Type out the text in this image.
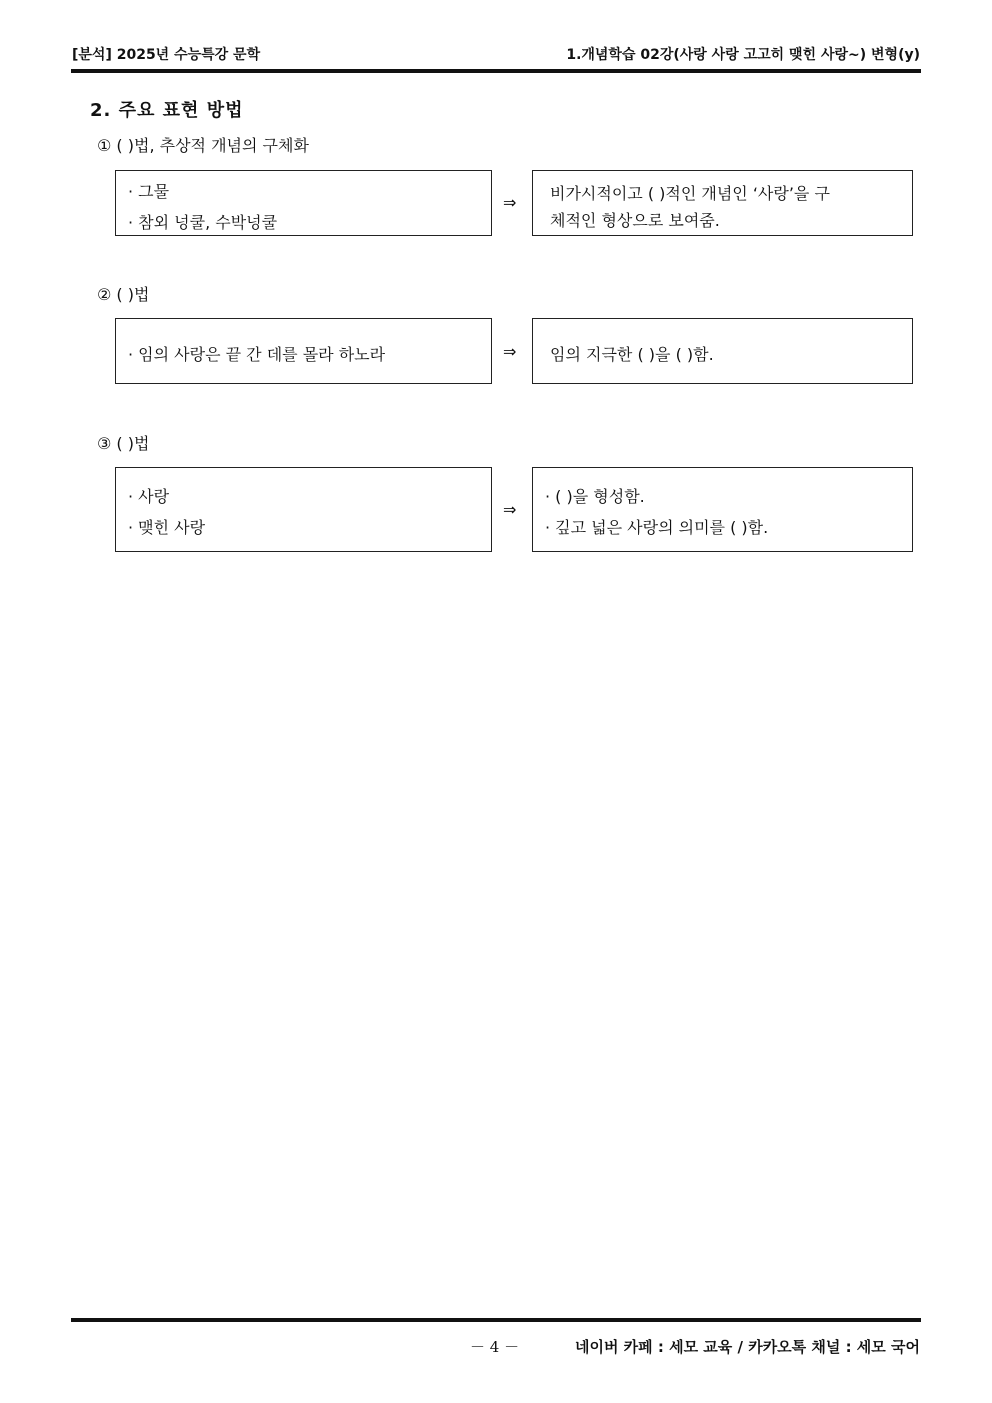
[분석] 2025년 수능특강 문학	1.개념학습 02강(사랑 사랑 고고히 맺힌 사랑~) 변형(y)
2. 주요 표현 방법
① ( )법, 추상적 개념의 구체화
· 그물
· 참외 넝쿨, 수박넝쿨
⇒	비가시적이고 ( )적인 개념인 ‘사랑’을 구
체적인 형상으로 보여줌.
② ( )법
· 임의 사랑은 끝 간 데를 몰라 하노라	⇒	임의 지극한 ( )을 ( )함.
③ ( )법
· 사랑
· 맺힌 사랑
⇒
· ( )을 형성함.
· 깊고 넓은 사랑의 의미를 ( )함.
－ 4 －	네이버 카페 : 세모 교육 / 카카오톡 채널 : 세모 국어
